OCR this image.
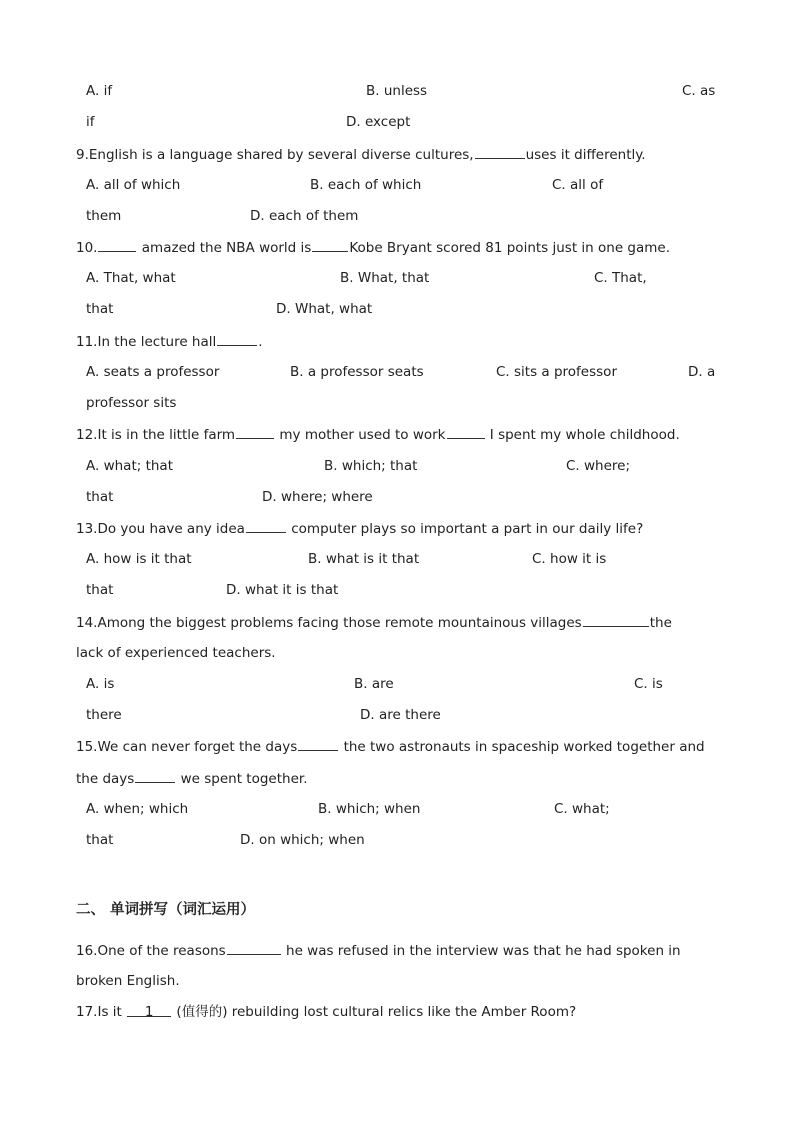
A. if	B. unless	C. as
if	D. except
9.English is a language shared by several diverse cultures,	uses it differently.
A. all of which	B. each of which	C. all of
them	D. each of them
10.	amazed the NBA world is	Kobe Bryant scored 81 points just in one game.
A. That, what	B. What, that	C. That,
that	D. What, what
11.In the lecture hall	.
A. seats a professor	B. a professor seats	C. sits a professor	D. a
professor sits
12.It is in the little farm	my mother used to work	I spent my whole childhood.
A. what; that	B. which; that	C. where;
that	D. where; where
13.Do you have any idea	computer plays so important a part in our daily life?
A. how is it that	B. what is it that	C. how it is
that	D. what it is that
14.Among the biggest problems facing those remote mountainous villages	the
lack of experienced teachers.
A. is	B. are	C. is
there	D. are there
15.We can never forget the days	the two astronauts in spaceship worked together and
the days	we spent together.
A. when; which	B. which; when	C. what;
that	D. on which; when
二、 单词拼写（词汇运用）
16.One of the reasons	he was refused in the interview was that he had spoken in
broken English.
17.Is it 1 (值得的) rebuilding lost cultural relics like the Amber Room?
